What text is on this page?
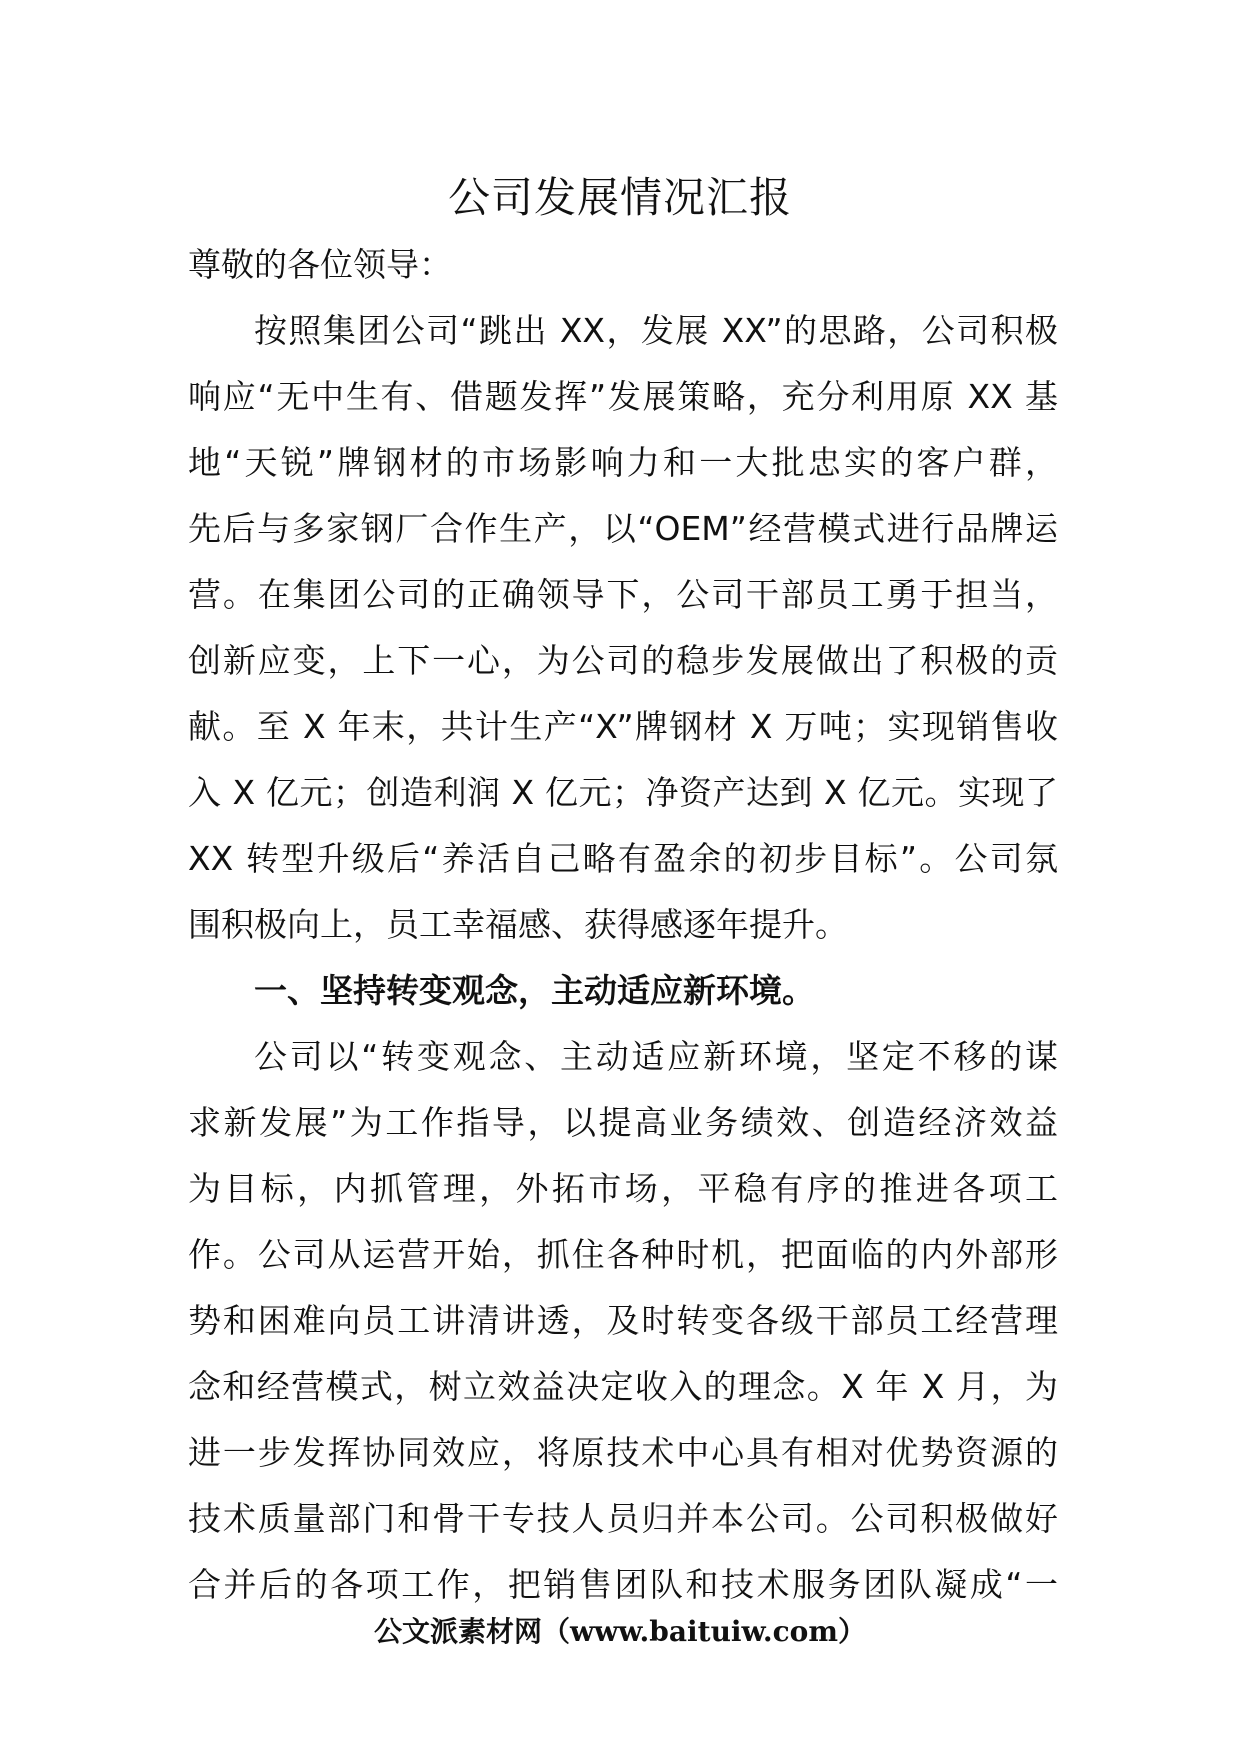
公司发展情况汇报
尊敬的各位领导：
按照集团公司“跳出 XX，发展 XX”的思路，公司积极
响应“无中生有、借题发挥”发展策略，充分利用原 XX 基
地“天锐”牌钢材的市场影响力和一大批忠实的客户群，
先后与多家钢厂合作生产，以“OEM”经营模式进行品牌运
营。在集团公司的正确领导下，公司干部员工勇于担当，
创新应变，上下一心，为公司的稳步发展做出了积极的贡
献。至 X 年末，共计生产“X”牌钢材 X 万吨；实现销售收
入 X 亿元；创造利润 X 亿元；净资产达到 X 亿元。实现了
XX 转型升级后“养活自己略有盈余的初步目标”。公司氛
围积极向上，员工幸福感、获得感逐年提升。
一、坚持转变观念，主动适应新环境。
公司以“转变观念、主动适应新环境，坚定不移的谋
求新发展”为工作指导，以提高业务绩效、创造经济效益
为目标，内抓管理，外拓市场，平稳有序的推进各项工
作。公司从运营开始，抓住各种时机，把面临的内外部形
势和困难向员工讲清讲透，及时转变各级干部员工经营理
念和经营模式，树立效益决定收入的理念。X 年 X 月，为
进一步发挥协同效应，将原技术中心具有相对优势资源的
技术质量部门和骨干专技人员归并本公司。公司积极做好
合并后的各项工作，把销售团队和技术服务团队凝成“一
公文派素材网（www.baituiw.com）
